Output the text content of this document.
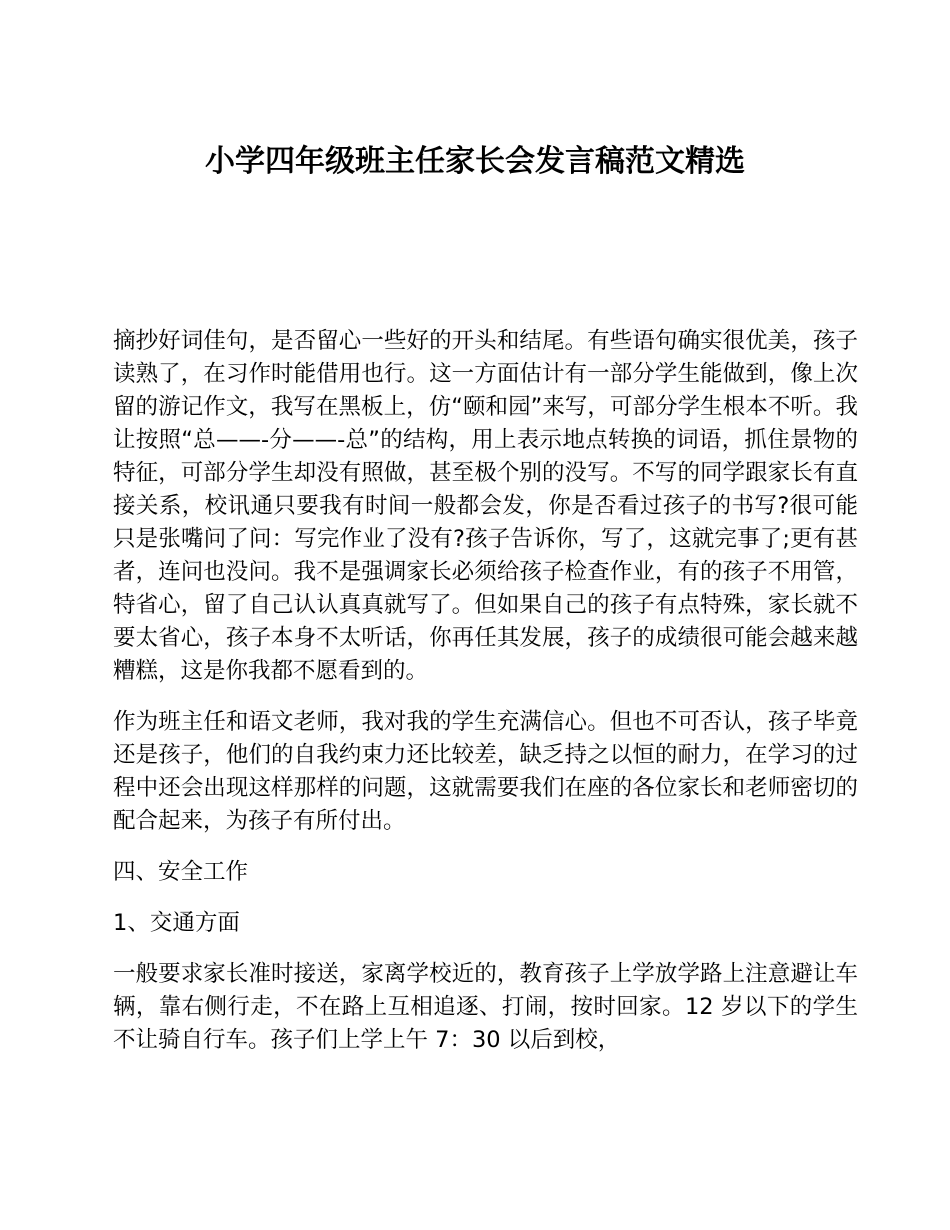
小学四年级班主任家长会发言稿范文精选

摘抄好词佳句，是否留心一些好的开头和结尾。有些语句确实很优美，孩子读熟了，在习作时能借用也行。这一方面估计有一部分学生能做到，像上次留的游记作文，我写在黑板上，仿“颐和园”来写，可部分学生根本不听。我让按照“总——-分——-总”的结构，用上表示地点转换的词语，抓住景物的特征，可部分学生却没有照做，甚至极个别的没写。不写的同学跟家长有直接关系，校讯通只要我有时间一般都会发，你是否看过孩子的书写?很可能只是张嘴问了问：写完作业了没有?孩子告诉你，写了，这就完事了;更有甚者，连问也没问。我不是强调家长必须给孩子检查作业，有的孩子不用管，特省心，留了自己认认真真就写了。但如果自己的孩子有点特殊，家长就不要太省心，孩子本身不太听话，你再任其发展，孩子的成绩很可能会越来越糟糕，这是你我都不愿看到的。

作为班主任和语文老师，我对我的学生充满信心。但也不可否认，孩子毕竟还是孩子，他们的自我约束力还比较差，缺乏持之以恒的耐力，在学习的过程中还会出现这样那样的问题，这就需要我们在座的各位家长和老师密切的配合起来，为孩子有所付出。

四、安全工作

1、交通方面

一般要求家长准时接送，家离学校近的，教育孩子上学放学路上注意避让车辆，靠右侧行走，不在路上互相追逐、打闹，按时回家。12 岁以下的学生不让骑自行车。孩子们上学上午 7：30 以后到校，
